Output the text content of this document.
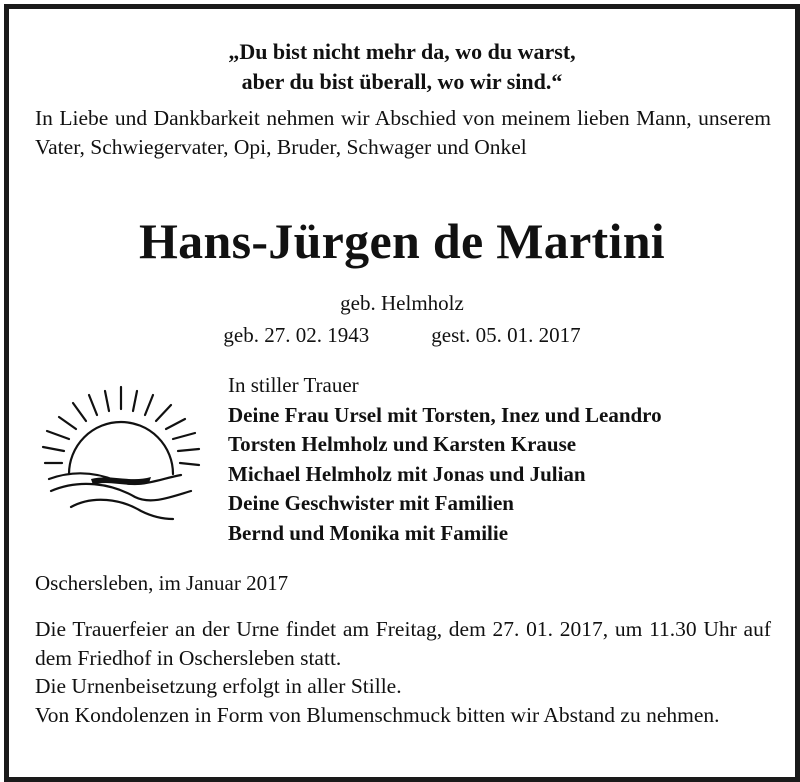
„Du bist nicht mehr da, wo du warst,
aber du bist überall, wo wir sind.“
In Liebe und Dankbarkeit nehmen wir Abschied von meinem lieben Mann, unserem Vater, Schwiegervater, Opi, Bruder, Schwager und Onkel
Hans-Jürgen de Martini
geb. Helmholz
geb. 27. 02. 1943	gest. 05. 01. 2017
In stiller Trauer
Deine Frau Ursel mit Torsten, Inez und Leandro
Torsten Helmholz und Karsten Krause
Michael Helmholz mit Jonas und Julian
Deine Geschwister mit Familien
Bernd und Monika mit Familie
Oschersleben, im Januar 2017
Die Trauerfeier an der Urne findet am Freitag, dem 27. 01. 2017, um 11.30 Uhr auf dem Friedhof in Oschersleben statt.
Die Urnenbeisetzung erfolgt in aller Stille.
Von Kondolenzen in Form von Blumenschmuck bitten wir Abstand zu nehmen.
